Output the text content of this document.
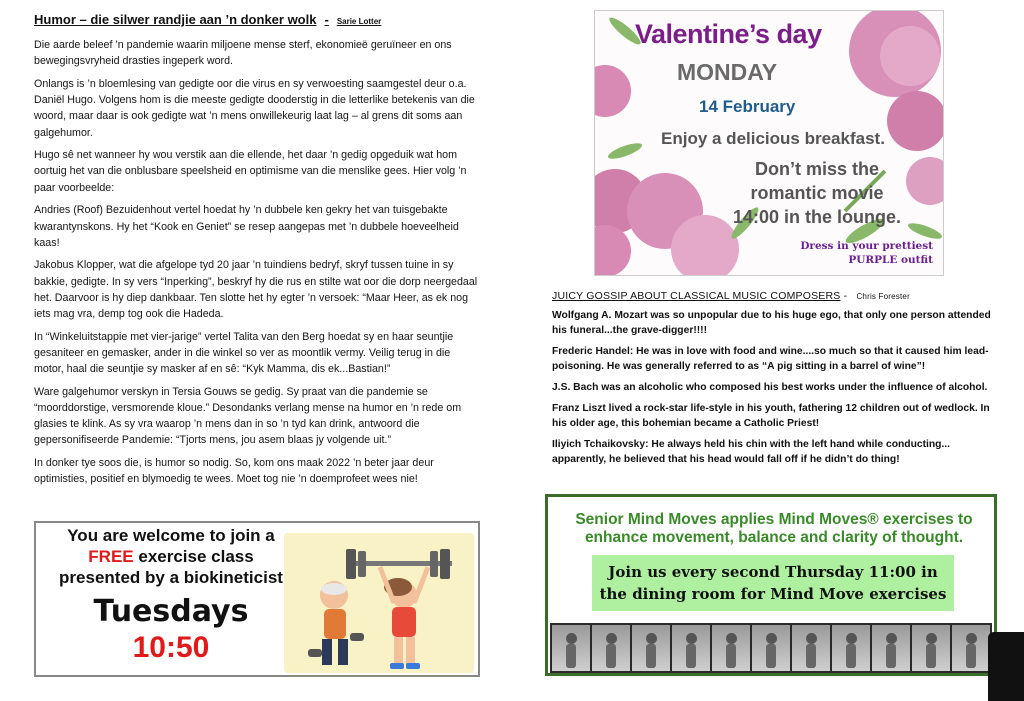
Humor – die silwer randjie aan ’n donker wolk - Sarie Lotter

Die aarde beleef ’n pandemie waarin miljoene mense sterf, ekonomieë geruïneer en ons bewegingsvryheid drasties ingeperk word.

Onlangs is ’n bloemlesing van gedigte oor die virus en sy verwoesting saamgestel deur o.a. Daniël Hugo. Volgens hom is die meeste gedigte dooderstig in die letterlike betekenis van die woord, maar daar is ook gedigte wat ’n mens onwillekeurig laat lag – al grens dit soms aan galgehumor.

Hugo sê net wanneer hy wou verstik aan die ellende, het daar ’n gedig opgeduik wat hom oortuig het van die onblusbare speelsheid en optimisme van die menslike gees. Hier volg ’n paar voorbeelde:

Andries (Roof) Bezuidenhout vertel hoedat hy ’n dubbele ken gekry het van tuisgebakte kwarantynskons. Hy het “Kook en Geniet” se resep aangepas met ’n dubbele hoeveelheid kaas!

Jakobus Klopper, wat die afgelope tyd 20 jaar ’n tuindiens bedryf, skryf tussen tuine in sy bakkie, gedigte. In sy vers “Inperking”, beskryf hy die rus en stilte wat oor die dorp neergedaal het. Daarvoor is hy diep dankbaar. Ten slotte het hy egter ’n versoek: “Maar Heer, as ek nog iets mag vra, demp tog ook die Hadeda.

In “Winkeluitstappie met vier-jarige” vertel Talita van den Berg hoedat sy en haar seuntjie gesaniteer en gemasker, ander in die winkel so ver as moontlik vermy. Veilig terug in die motor, haal die seuntjie sy masker af en sê: “Kyk Mamma, dis ek...Bastian!”

Ware galgehumor verskyn in Tersia Gouws se gedig. Sy praat van die pandemie se “moorddorstige, versmorende kloue.” Desondanks verlang mense na humor en ’n rede om glasies te klink. As sy vra waarop ’n mens dan in so ’n tyd kan drink, antwoord die gepersonifiseerde Pandemie: “Tjorts mens, jou asem blaas jy volgende uit.”

In donker tye soos die, is humor so nodig. So, kom ons maak 2022 ’n beter jaar deur optimisties, positief en blymoedig te wees. Moet tog nie ’n doemprofeet wees nie!

You are welcome to join a
FREE exercise class
presented by a biokineticist
Tuesdays
10:50
Valentine’s day
MONDAY
14 February
Enjoy a delicious breakfast.
Don’t miss the
romantic movie
14:00 in the lounge.
Dress in your prettiest
PURPLE outfit
JUICY GOSSIP ABOUT CLASSICAL MUSIC COMPOSERS - Chris Forester

Wolfgang A. Mozart was so unpopular due to his huge ego, that only one person attended his funeral...the grave-digger!!!!

Frederic Handel: He was in love with food and wine....so much so that it caused him lead-poisoning. He was generally referred to as “A pig sitting in a barrel of wine”!

J.S. Bach was an alcoholic who composed his best works under the influence of alcohol.

Franz Liszt lived a rock-star life-style in his youth, fathering 12 children out of wedlock. In his older age, this bohemian became a Catholic Priest!

Iliyich Tchaikovsky: He always held his chin with the left hand while conducting... apparently, he believed that his head would fall off if he didn’t do thing!

Senior Mind Moves applies Mind Moves® exercises to
enhance movement, balance and clarity of thought.
Join us every second Thursday 11:00 in
the dining room for Mind Move exercises
